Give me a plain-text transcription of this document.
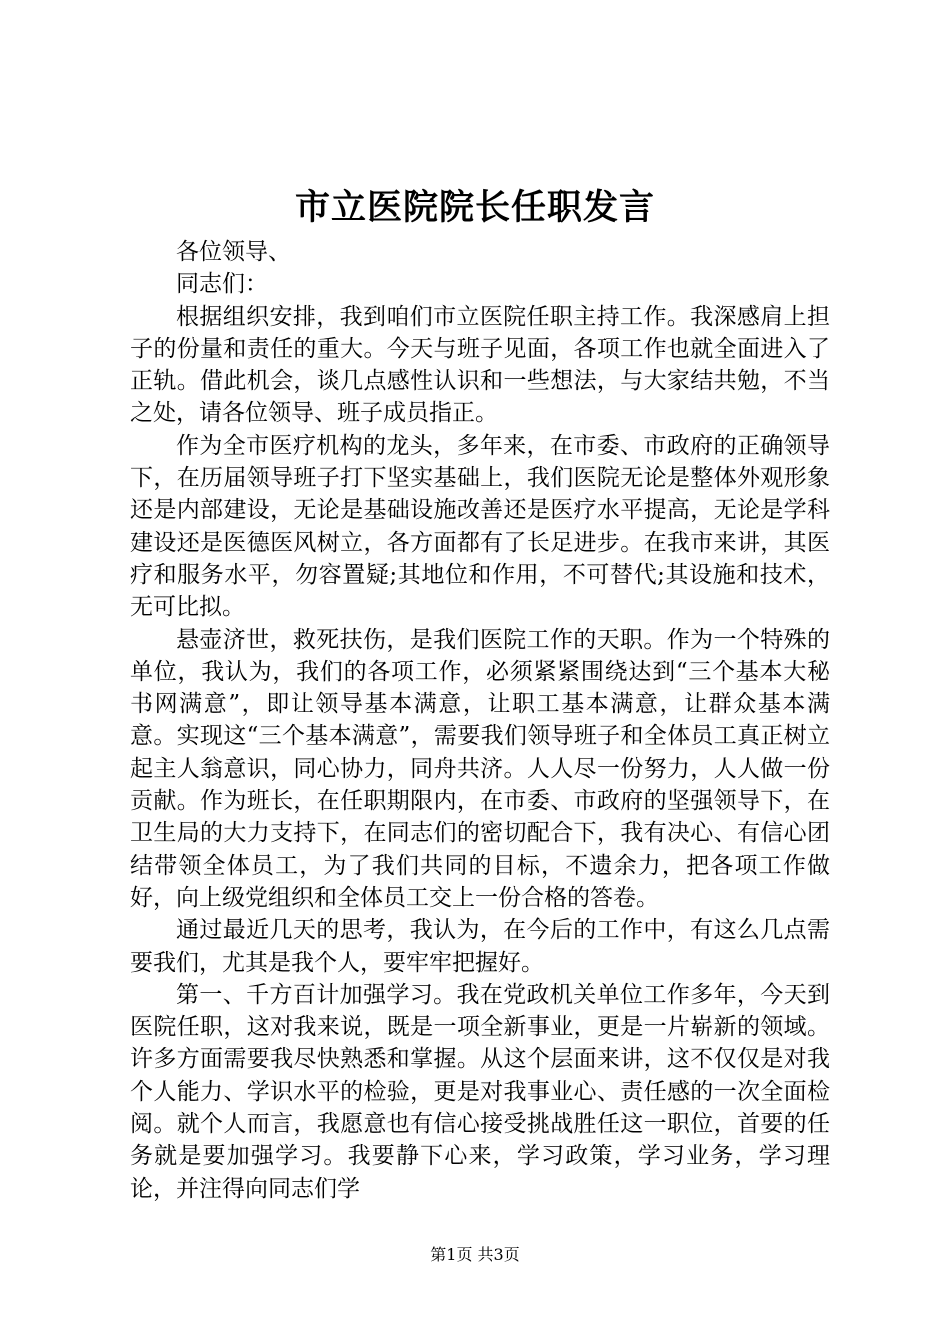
市立医院院长任职发言

各位领导、

同志们：

根据组织安排，我到咱们市立医院任职主持工作。我深感肩上担子的份量和责任的重大。今天与班子见面，各项工作也就全面进入了正轨。借此机会，谈几点感性认识和一些想法，与大家结共勉，不当之处，请各位领导、班子成员指正。

作为全市医疗机构的龙头，多年来，在市委、市政府的正确领导下，在历届领导班子打下坚实基础上，我们医院无论是整体外观形象还是内部建设，无论是基础设施改善还是医疗水平提高，无论是学科建设还是医德医风树立，各方面都有了长足进步。在我市来讲，其医疗和服务水平，勿容置疑;其地位和作用，不可替代;其设施和技术，无可比拟。

悬壶济世，救死扶伤，是我们医院工作的天职。作为一个特殊的单位，我认为，我们的各项工作，必须紧紧围绕达到“三个基本大秘书网满意”，即让领导基本满意，让职工基本满意，让群众基本满意。实现这“三个基本满意”，需要我们领导班子和全体员工真正树立起主人翁意识，同心协力，同舟共济。人人尽一份努力，人人做一份贡献。作为班长，在任职期限内，在市委、市政府的坚强领导下，在卫生局的大力支持下，在同志们的密切配合下，我有决心、有信心团结带领全体员工，为了我们共同的目标，不遗余力，把各项工作做好，向上级党组织和全体员工交上一份合格的答卷。

通过最近几天的思考，我认为，在今后的工作中，有这么几点需要我们，尤其是我个人，要牢牢把握好。

第一、千方百计加强学习。我在党政机关单位工作多年，今天到医院任职，这对我来说，既是一项全新事业，更是一片崭新的领域。许多方面需要我尽快熟悉和掌握。从这个层面来讲，这不仅仅是对我个人能力、学识水平的检验，更是对我事业心、责任感的一次全面检阅。就个人而言，我愿意也有信心接受挑战胜任这一职位，首要的任务就是要加强学习。我要静下心来，学习政策，学习业务，学习理论，并注得向同志们学

第1页 共3页
